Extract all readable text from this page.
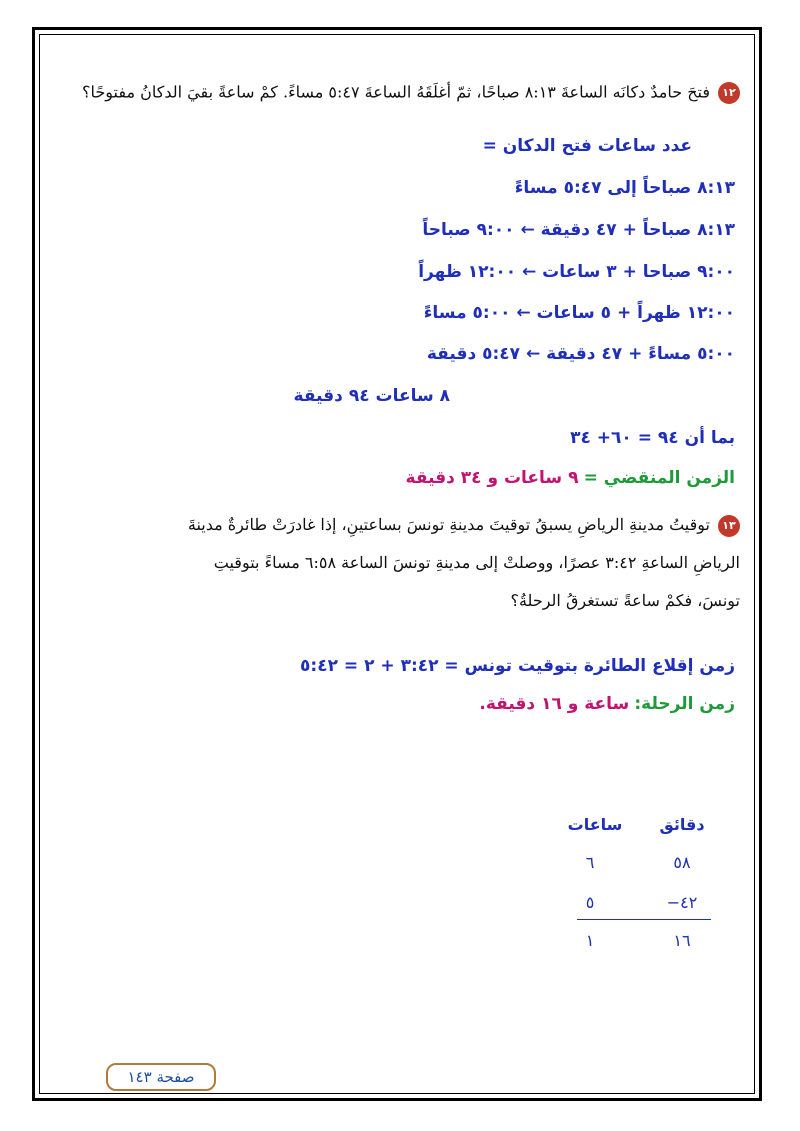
١٢فتحَ حامدٌ دكانَه الساعةَ ٨:١٣ صباحًا، ثمّ أغلَقَهُ الساعةَ ٥:٤٧ مساءً. كمْ ساعةً بقيَ الدكانُ مفتوحًا؟
عدد ساعات فتح الدكان =
٨:١٣ صباحاً إلى ٥:٤٧ مساءً
٨:١٣ صباحاً + ٤٧ دقيقة ← ٩:٠٠ صباحاً
٩:٠٠ صباحا + ٣ ساعات ← ١٢:٠٠ ظهراً
١٢:٠٠ ظهراً + ٥ ساعات ← ٥:٠٠ مساءً
٥:٠٠ مساءً + ٤٧ دقيقة ← ٥:٤٧ دقيقة
٨ ساعات ٩٤ دقيقة
بما أن ٩٤ = ٦٠+ ٣٤
الزمن المنقضي = ٩ ساعات و ٣٤ دقيقة
١٣توقيتُ مدينةِ الرياضِ يسبقُ توقيتَ مدينةِ تونسَ بساعتينِ، إذا غادرَتْ طائرةٌ مدينةَ
الرياضِ الساعةِ ٣:٤٢ عصرًا، ووصلتْ إلى مدينةِ تونسَ الساعة ٦:٥٨ مساءً بتوقيتِ
تونسَ، فكمْ ساعةً تستغرقُ الرحلةُ؟
زمن إقلاع الطائرة بتوقيت تونس = ٣:٤٢ + ٢ = ٥:٤٢
زمن الرحلة: ساعة و ١٦ دقيقة.
دقائق
ساعات
٥٨
٦
٤٢−
٥
١٦
١
صفحة ١٤٣
